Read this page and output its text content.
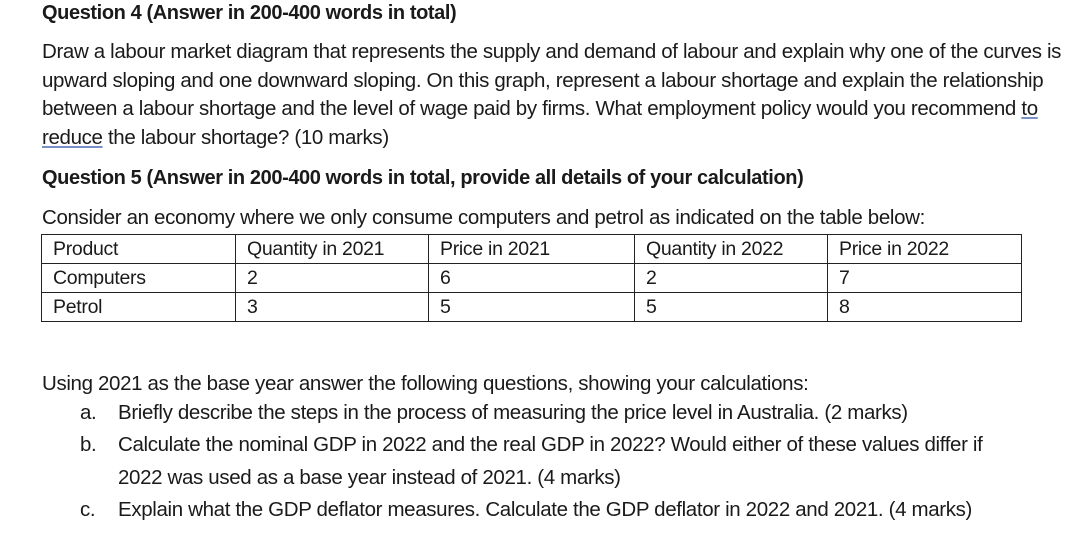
Question 4 (Answer in 200-400 words in total)
Draw a labour market diagram that represents the supply and demand of labour and explain why one of the curves is upward sloping and one downward sloping. On this graph, represent a labour shortage and explain the relationship between a labour shortage and the level of wage paid by firms. What employment policy would you recommend to reduce the labour shortage? (10 marks)
Question 5 (Answer in 200-400 words in total, provide all details of your calculation)
Consider an economy where we only consume computers and petrol as indicated on the table below:
Product	Quantity in 2021	Price in 2021	Quantity in 2022	Price in 2022
Computers	2	6	2	7
Petrol	3	5	5	8
Using 2021 as the base year answer the following questions, showing your calculations:
a. Briefly describe the steps in the process of measuring the price level in Australia. (2 marks)
b. Calculate the nominal GDP in 2022 and the real GDP in 2022? Would either of these values differ if
2022 was used as a base year instead of 2021. (4 marks)
c. Explain what the GDP deflator measures. Calculate the GDP deflator in 2022 and 2021. (4 marks)
